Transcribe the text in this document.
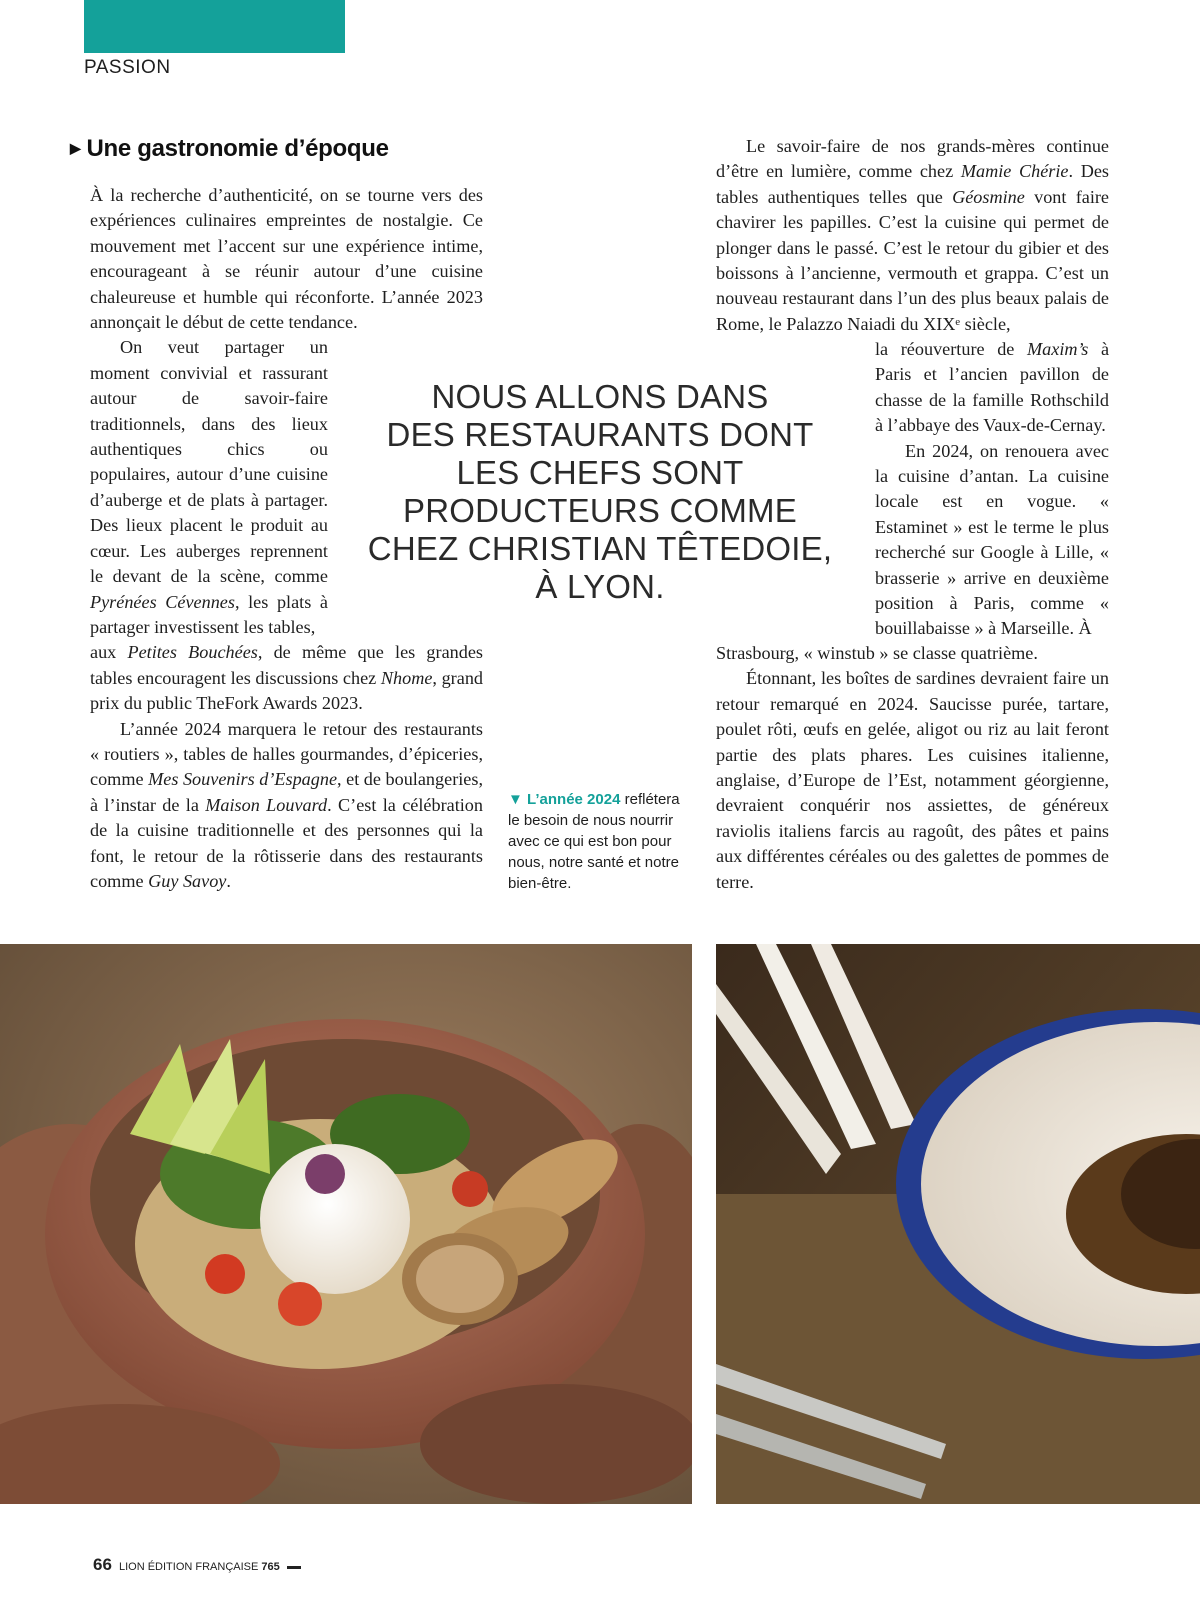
PASSION
▶ Une gastronomie d’époque

À la recherche d’authenticité, on se tourne vers des expériences culinaires empreintes de nostalgie. Ce mouvement met l’accent sur une expérience intime, encourageant à se réunir autour d’une cuisine chaleureuse et humble qui réconforte. L’année 2023 annonçait le début de cette tendance.

On veut partager un moment convivial et rassurant autour de savoir-faire traditionnels, dans des lieux authentiques chics ou populaires, autour d’une cuisine d’auberge et de plats à partager. Des lieux placent le produit au cœur. Les auberges reprennent le devant de la scène, comme Pyrénées Cévennes, les plats à partager investissent les tables,

aux Petites Bouchées, de même que les grandes tables encouragent les discussions chez Nhome, grand prix du public TheFork Awards 2023.

L’année 2024 marquera le retour des restaurants « routiers », tables de halles gourmandes, d’épiceries, comme Mes Souvenirs d’Espagne, et de boulangeries, à l’instar de la Maison Louvard. C’est la célébration de la cuisine traditionnelle et des personnes qui la font, le retour de la rôtisserie dans des restaurants comme Guy Savoy.

NOUS ALLONS DANS
DES RESTAURANTS DONT
LES CHEFS SONT
PRODUCTEURS COMME
CHEZ CHRISTIAN TÊTEDOIE,
À LYON.
▼ L’année 2024 reflétera le besoin de nous nourrir avec ce qui est bon pour nous, notre santé et notre bien-être.

Le savoir-faire de nos grands-mères continue d’être en lumière, comme chez Mamie Chérie. Des tables authentiques telles que Géosmine vont faire chavirer les papilles. C’est la cuisine qui permet de plonger dans le passé. C’est le retour du gibier et des boissons à l’ancienne, vermouth et grappa. C’est un nouveau restaurant dans l’un des plus beaux palais de Rome, le Palazzo Naiadi du XIXᵉ siècle,

la réouverture de Maxim’s à Paris et l’ancien pavillon de chasse de la famille Rothschild à l’abbaye des Vaux-de-Cernay.

En 2024, on renouera avec la cuisine d’antan. La cuisine locale est en vogue. « Estaminet » est le terme le plus recherché sur Google à Lille, « brasserie » arrive en deuxième position à Paris, comme « bouillabaisse » à Marseille. À

Strasbourg, « winstub » se classe quatrième.

Étonnant, les boîtes de sardines devraient faire un retour remarqué en 2024. Saucisse purée, tartare, poulet rôti, œufs en gelée, aligot ou riz au lait feront partie des plats phares. Les cuisines italienne, anglaise, d’Europe de l’Est, notamment géorgienne, devraient conquérir nos assiettes, de généreux raviolis italiens farcis au ragoût, des pâtes et pains aux différentes céréales ou des galettes de pommes de terre.

66 LION ÉDITION FRANÇAISE 765
